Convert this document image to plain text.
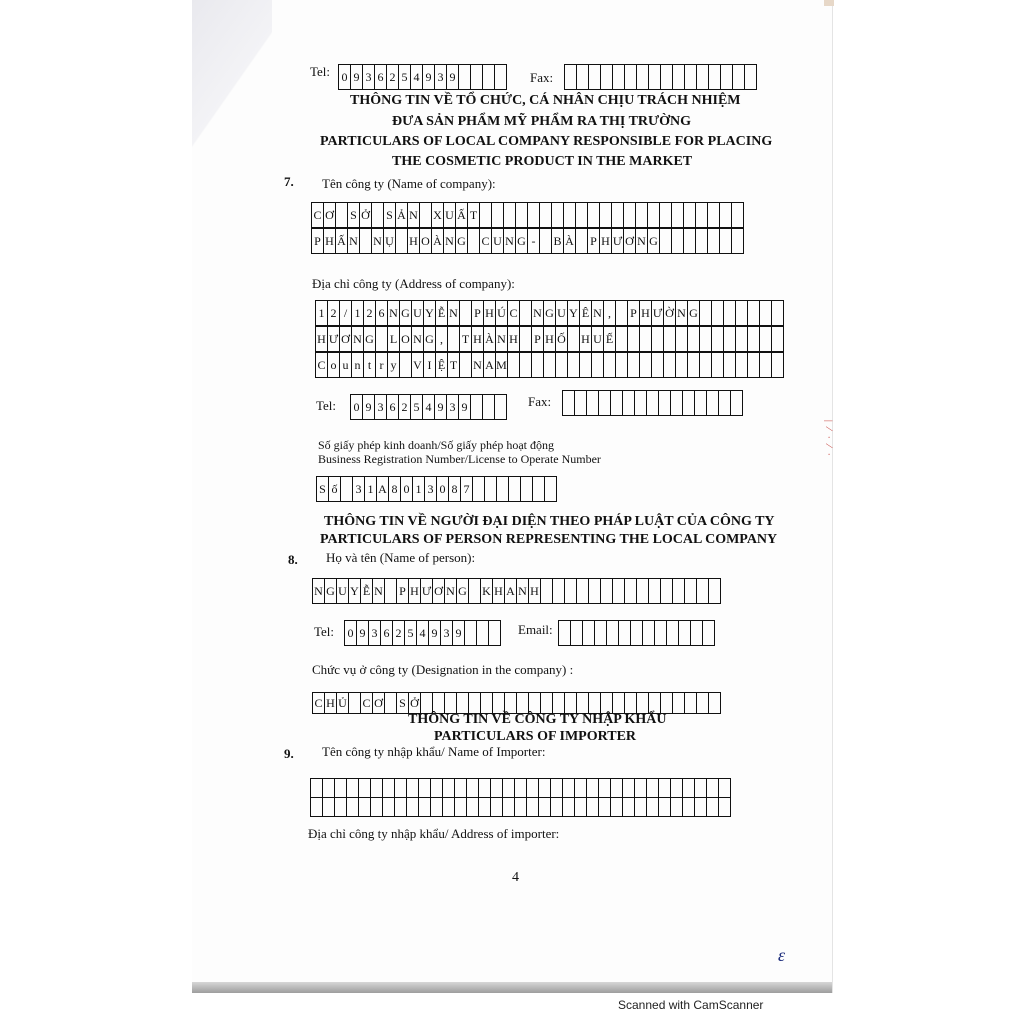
| ⁄ · ⁄ ·
Tel: 0 9 3 6 2 5 4 9 3 9	Fax:
THÔNG TIN VỀ TỔ CHỨC, CÁ NHÂN CHỊU TRÁCH NHIỆM
ĐƯA SẢN PHẨM MỸ PHẨM RA THỊ TRƯỜNG
PARTICULARS OF LOCAL COMPANY RESPONSIBLE FOR PLACING
THE COSMETIC PRODUCT IN THE MARKET
7. Tên công ty (Name of company):
C Ơ S Ở S Ả N X U Ấ T
P H Ấ N N Ụ H O À N G C U N G -	B À P H Ư Ơ N G
Địa chỉ công ty (Address of company):
1 2 / 1 2 6 N G U Y Ễ N P H Ú C N G U Y Ê N ,	P H Ư Ờ N G
H Ư Ơ N G L O N G ,	T H À N H P H Ố H U Ế
C o u n t r y V I Ệ T N A M
Tel: 0 9 3 6 2 5 4 9 3 9	Fax:
Số giấy phép kinh doanh/Số giấy phép hoạt động
Business Registration Number/License to Operate Number
S ố 3 1 A 8 0 1 3 0 8 7
THÔNG TIN VỀ NGƯỜI ĐẠI DIỆN THEO PHÁP LUẬT CỦA CÔNG TY
PARTICULARS OF PERSON REPRESENTING THE LOCAL COMPANY
8. Họ và tên (Name of person):
N G U Y Ễ N P H Ư Ơ N G K H A N H
Tel: 0 9 3 6 2 5 4 9 3 9	Email:
Chức vụ ở công ty (Designation in the company) :
C H Ủ C Ơ S Ở
THÔNG TIN VỀ CÔNG TY NHẬP KHẨU
PARTICULARS OF IMPORTER
9. Tên công ty nhập khẩu/ Name of Importer:
Địa chỉ công ty nhập khẩu/ Address of importer:
4
ɛ
Scanned with CamScanner
